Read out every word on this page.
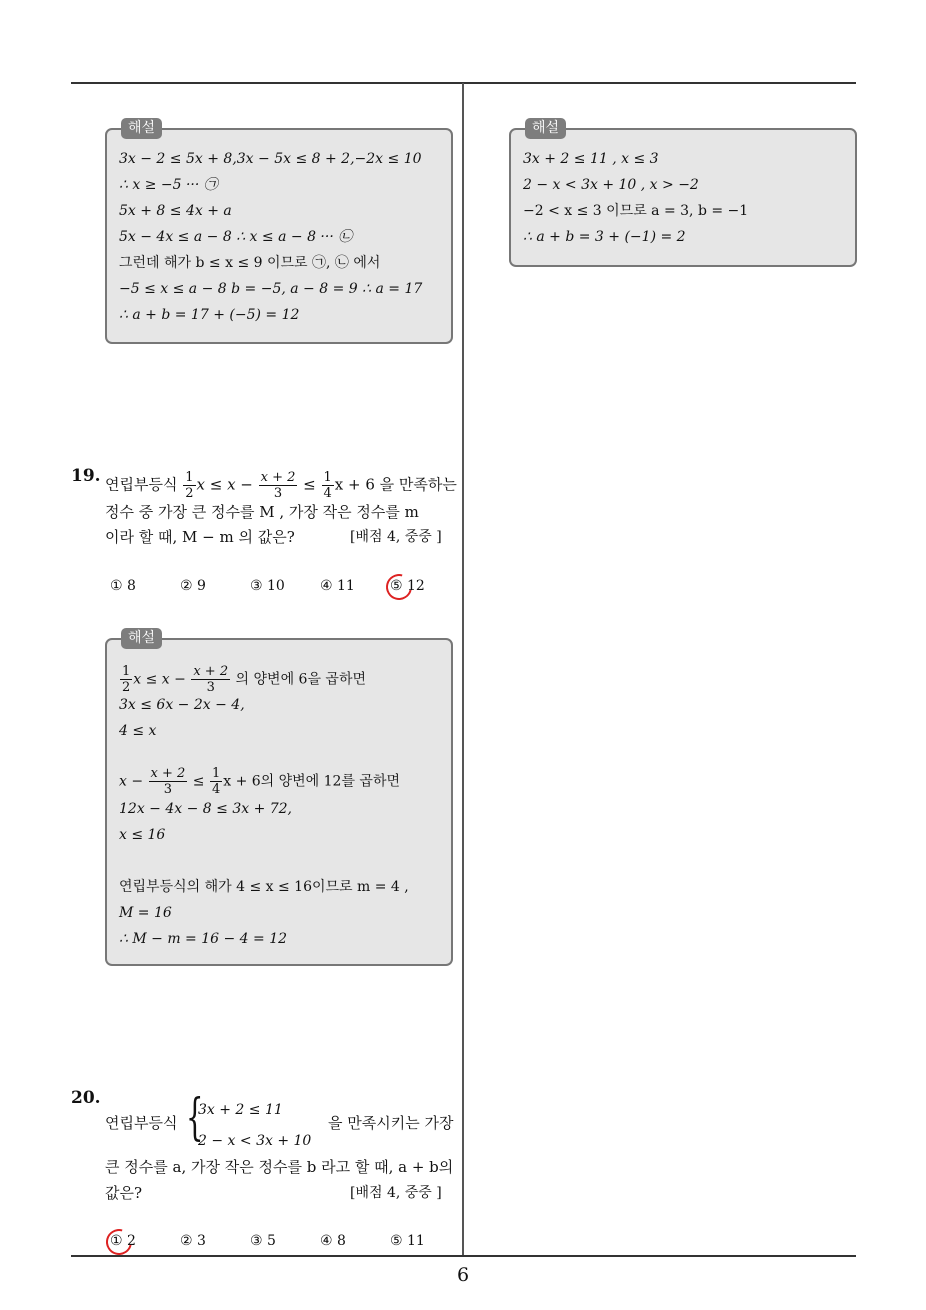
해설
3x − 2 ≤ 5x + 8,3x − 5x ≤ 8 + 2,−2x ≤ 10
∴ x ≥ −5 ··· ㉠
5x + 8 ≤ 4x + a
5x − 4x ≤ a − 8 ∴ x ≤ a − 8 ··· ㉡
그런데 해가 b ≤ x ≤ 9 이므로 ㉠, ㉡ 에서
−5 ≤ x ≤ a − 8 b = −5, a − 8 = 9 ∴ a = 17
∴ a + b = 17 + (−5) = 12
해설
3x + 2 ≤ 11 , x ≤ 3
2 − x < 3x + 10 , x > −2
−2 < x ≤ 3 이므로 a = 3, b = −1
∴ a + b = 3 + (−1) = 2
19. 연립부등식 $\frac{1}{2}$ $x \le x - \frac{x + 2}{3} \le \frac{1}{4}$ x + 6 을 만족하는
정수 중 가장 큰 정수를 M , 가장 작은 정수를 m
이라 할 때, M − m 의 값은?	[배점 4, 중중 ]
① 8	② 9	③ 10	④ 11	⑤ 12
해설
$\frac{1}{2}$ $x \le x - \frac{x + 2}{3}$ 의 양변에 6을 곱하면
3x ≤ 6x − 2x − 4,
4 ≤ x
$x - \frac{x + 2}{3} \le \frac{1}{4}$ x + 6의 양변에 12를 곱하면
12x − 4x − 8 ≤ 3x + 72,
x ≤ 16
연립부등식의 해가 4 ≤ x ≤ 16이므로 m = 4 ,
M = 16
∴ M − m = 16 − 4 = 12
20.
연립부등식 {
3x + 2 ≤ 11
2 − x < 3x + 10
을 만족시키는 가장
큰 정수를 a, 가장 작은 정수를 b 라고 할 때, a + b의
값은?	[배점 4, 중중 ]
① 2	② 3	③ 5	④ 8	⑤ 11
6
